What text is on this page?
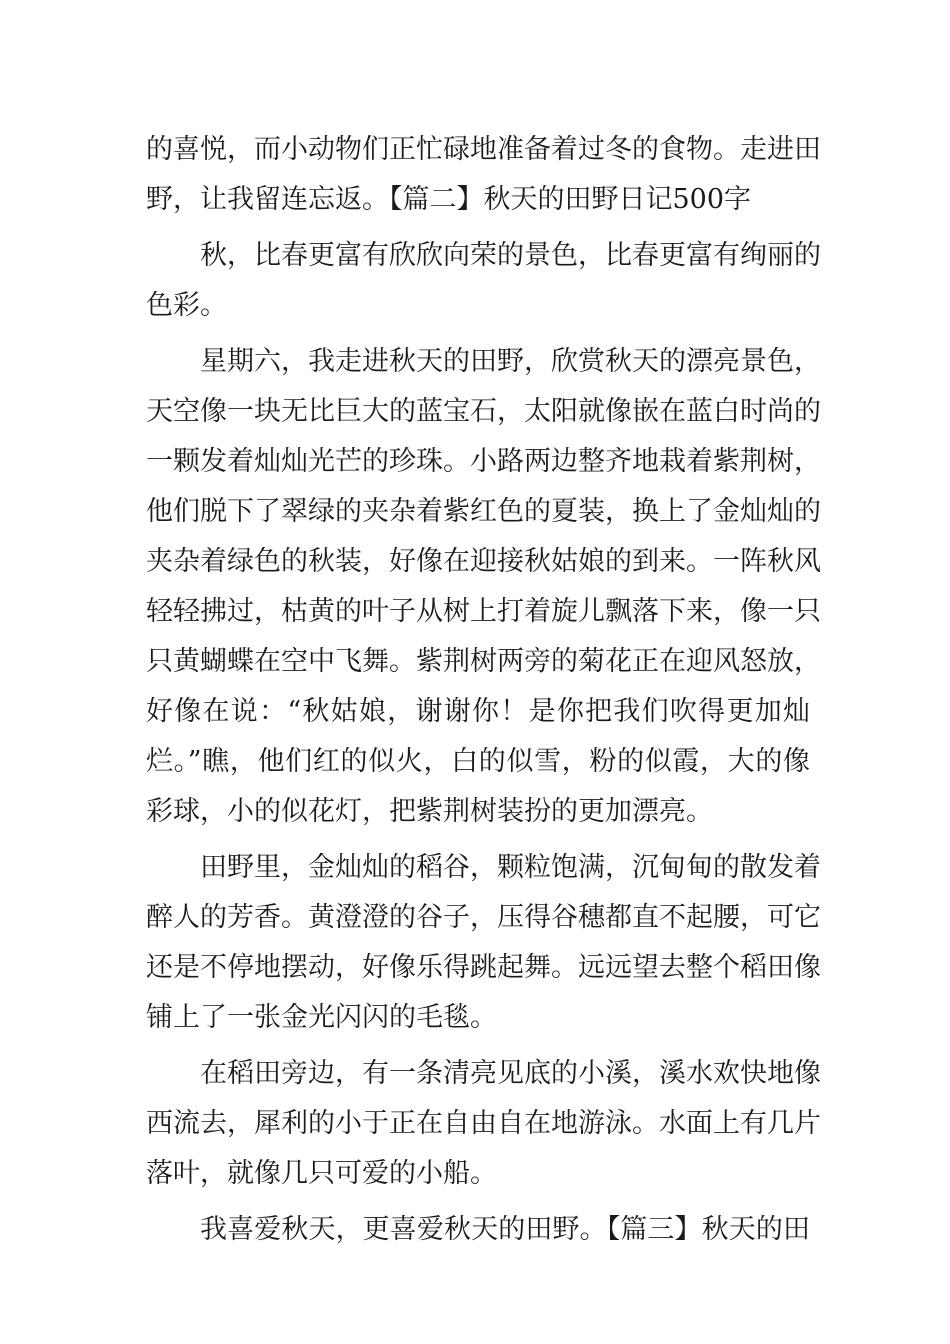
的喜悦，而小动物们正忙碌地准备着过冬的食物。走进田
野，让我留连忘返。【篇二】秋天的田野日记500字
秋，比春更富有欣欣向荣的景色，比春更富有绚丽的
色彩。
星期六，我走进秋天的田野，欣赏秋天的漂亮景色，
天空像一块无比巨大的蓝宝石，太阳就像嵌在蓝白时尚的
一颗发着灿灿光芒的珍珠。小路两边整齐地栽着紫荆树，
他们脱下了翠绿的夹杂着紫红色的夏装，换上了金灿灿的
夹杂着绿色的秋装，好像在迎接秋姑娘的到来。一阵秋风
轻轻拂过，枯黄的叶子从树上打着旋儿飘落下来，像一只
只黄蝴蝶在空中飞舞。紫荆树两旁的菊花正在迎风怒放，
好像在说：“秋姑娘，谢谢你！是你把我们吹得更加灿
烂。”瞧，他们红的似火，白的似雪，粉的似霞，大的像
彩球，小的似花灯，把紫荆树装扮的更加漂亮。
田野里，金灿灿的稻谷，颗粒饱满，沉甸甸的散发着
醉人的芳香。黄澄澄的谷子，压得谷穗都直不起腰，可它
还是不停地摆动，好像乐得跳起舞。远远望去整个稻田像
铺上了一张金光闪闪的毛毯。
在稻田旁边，有一条清亮见底的小溪，溪水欢快地像
西流去，犀利的小于正在自由自在地游泳。水面上有几片
落叶，就像几只可爱的小船。
我喜爱秋天，更喜爱秋天的田野。【篇三】秋天的田
